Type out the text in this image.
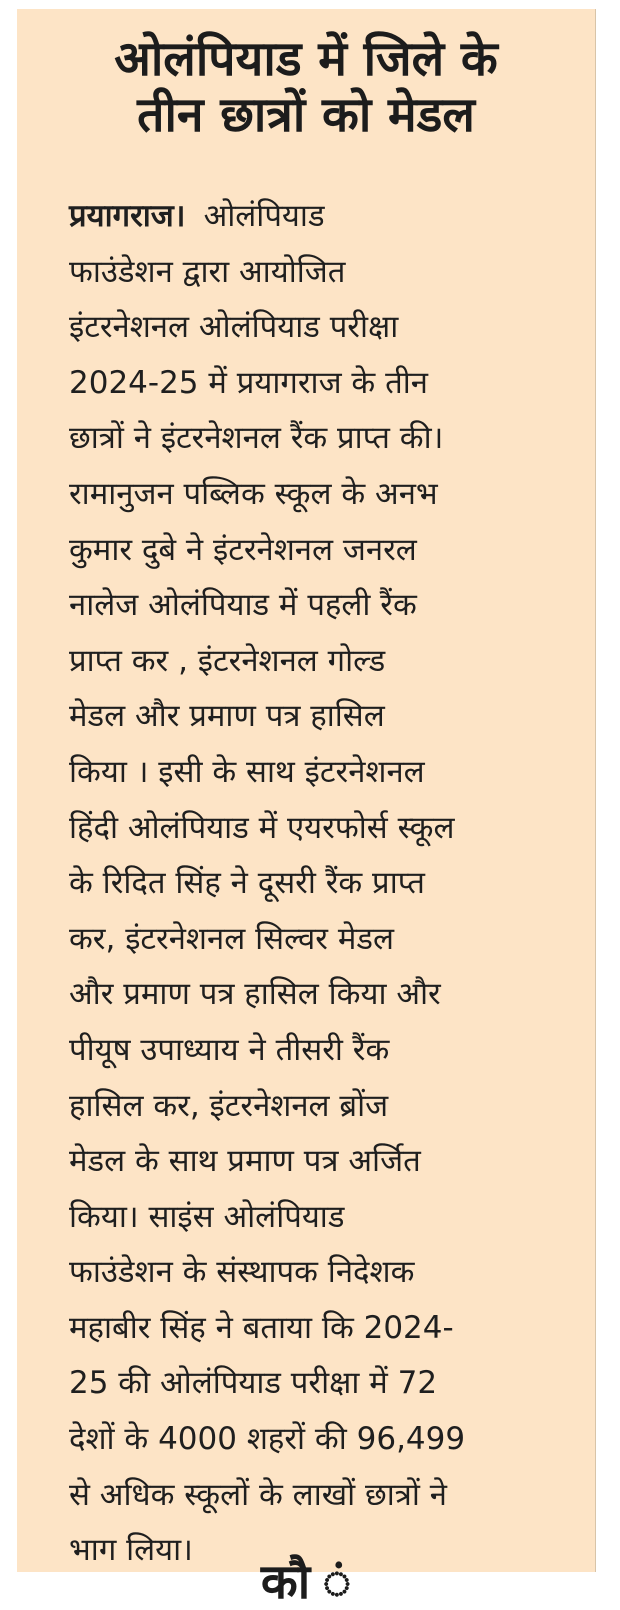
ओलंपियाड में जिले के
तीन छात्रों को मेडल
प्रयागराज। ओलंपियाड
फाउंडेशन द्वारा आयोजित
इंटरनेशनल ओलंपियाड परीक्षा
2024-25 में प्रयागराज के तीन
छात्रों ने इंटरनेशनल रैंक प्राप्त की।
रामानुजन पब्लिक स्कूल के अनभ
कुमार दुबे ने इंटरनेशनल जनरल
नालेज ओलंपियाड में पहली रैंक
प्राप्त कर , इंटरनेशनल गोल्ड
मेडल और प्रमाण पत्र हासिल
किया । इसी के साथ इंटरनेशनल
हिंदी ओलंपियाड में एयरफोर्स स्कूल
के रिदित सिंह ने दूसरी रैंक प्राप्त
कर, इंटरनेशनल सिल्वर मेडल
और प्रमाण पत्र हासिल किया और
पीयूष उपाध्याय ने तीसरी रैंक
हासिल कर, इंटरनेशनल ब्रोंज
मेडल के साथ प्रमाण पत्र अर्जित
किया। साइंस ओलंपियाड
फाउंडेशन के संस्थापक निदेशक
महाबीर सिंह ने बताया कि 2024-
25 की ओलंपियाड परीक्षा में 72
देशों के 4000 शहरों की 96,499
से अधिक स्कूलों के लाखों छात्रों ने
भाग लिया।
कौ ं
